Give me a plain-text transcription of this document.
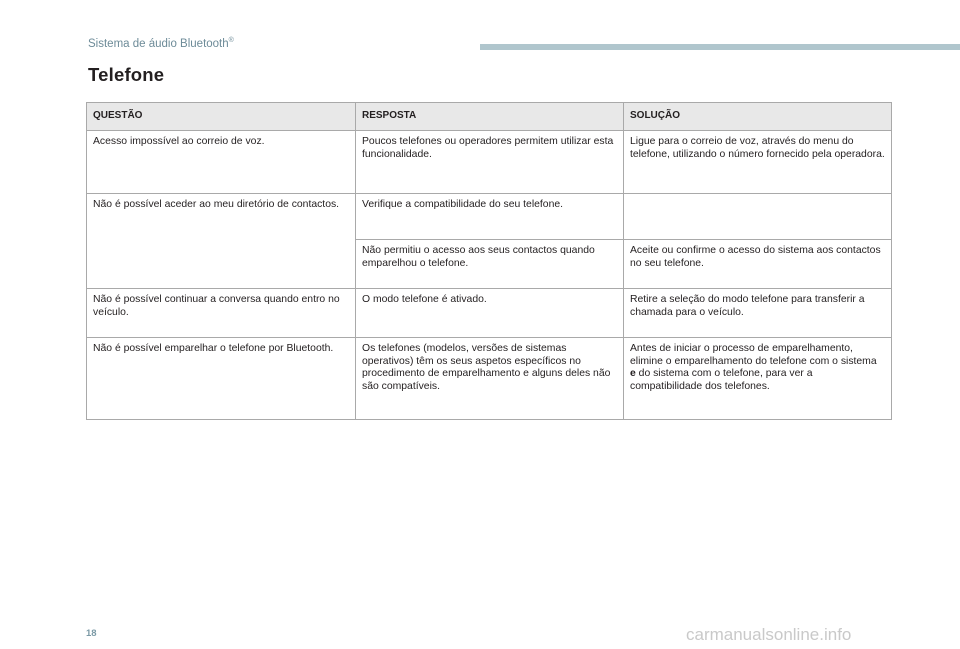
Sistema de áudio Bluetooth®
Telefone
QUESTÃO	RESPOSTA	SOLUÇÃO
Acesso impossível ao correio de voz.	Poucos telefones ou operadores permitem utilizar esta funcionalidade.	Ligue para o correio de voz, através do menu do telefone, utilizando o número fornecido pela operadora.
Não é possível aceder ao meu diretório de contactos.	Verifique a compatibilidade do seu telefone.	
	Não permitiu o acesso aos seus contactos quando emparelhou o telefone.	Aceite ou confirme o acesso do sistema aos contactos no seu telefone.
Não é possível continuar a conversa quando entro no veículo.	O modo telefone é ativado.	Retire a seleção do modo telefone para transferir a chamada para o veículo.
Não é possível emparelhar o telefone por Bluetooth.	Os telefones (modelos, versões de sistemas operativos) têm os seus aspetos específicos no procedimento de emparelhamento e alguns deles não são compatíveis.	Antes de iniciar o processo de emparelhamento, elimine o emparelhamento do telefone com o sistema e do sistema com o telefone, para ver a compatibilidade dos telefones.
18	carmanualsonline.info
